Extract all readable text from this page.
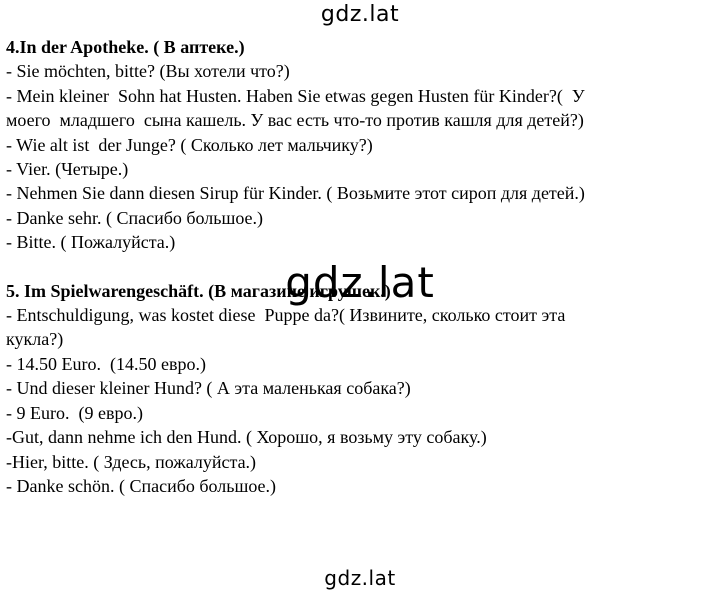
gdz.lat
4.In der Apotheke. ( В аптеке.)
- Sie möchten, bitte? (Вы хотели что?)
- Mein kleiner  Sohn hat Husten. Haben Sie etwas gegen Husten für Kinder?(  У
моего  младшего  сына кашель. У вас есть что-то против кашля для детей?)
- Wie alt ist  der Junge? ( Сколько лет мальчику?)
- Vier. (Четыре.)
- Nehmen Sie dann diesen Sirup für Kinder. ( Возьмите этот сироп для детей.)
- Danke sehr. ( Спасибо большое.)
- Bitte. ( Пожалуйста.)
5. Im Spielwarengeschäft. (В магазине игрушек.)
- Entschuldigung, was kostet diese  Puppe da?( Извините, сколько стоит эта
кукла?)
- 14.50 Euro.  (14.50 евро.)
- Und dieser kleiner Hund? ( А эта маленькая собака?)
- 9 Euro.  (9 евро.)
-Gut, dann nehme ich den Hund. ( Хорошо, я возьму эту собаку.)
-Hier, bitte. ( Здесь, пожалуйста.)
- Danke schön. ( Спасибо большое.)
gdz.lat
gdz.lat
